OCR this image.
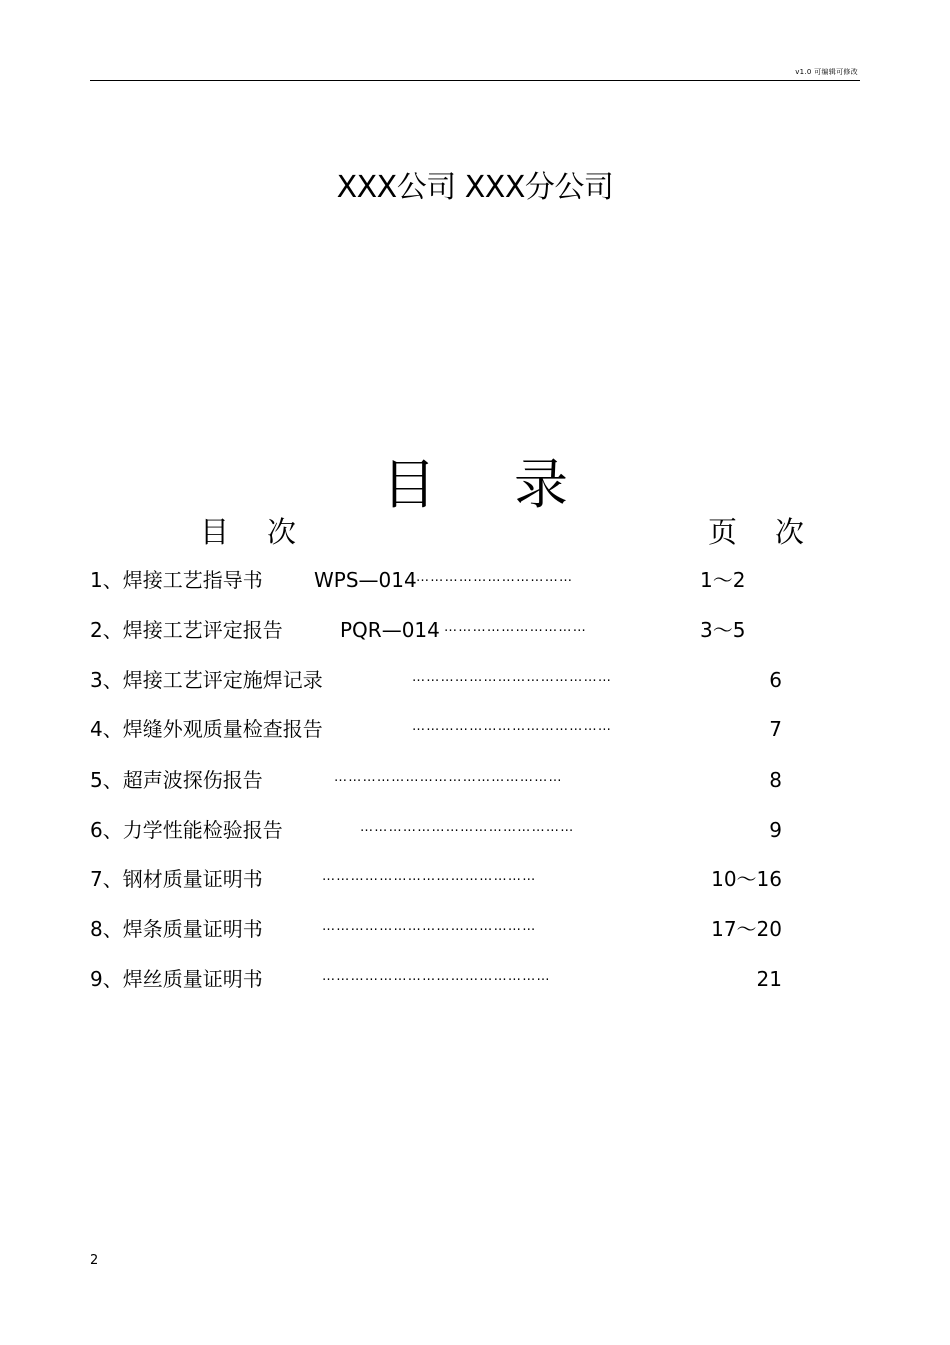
v1.0 可编辑可修改
XXX公司 XXX分公司
目录
目次	页次
1、焊接工艺指导书	WPS—014 ……………………………	1～2
2、焊接工艺评定报告	PQR—014 …………………………	3～5
3、焊接工艺评定施焊记录	……………………………………	6
4、焊缝外观质量检查报告	……………………………………	7
5、超声波探伤报告	…………………………………………	8
6、力学性能检验报告	………………………………………	9
7、钢材质量证明书	………………………………………	10～16
8、焊条质量证明书	………………………………………	17～20
9、焊丝质量证明书	…………………………………………	21
2
